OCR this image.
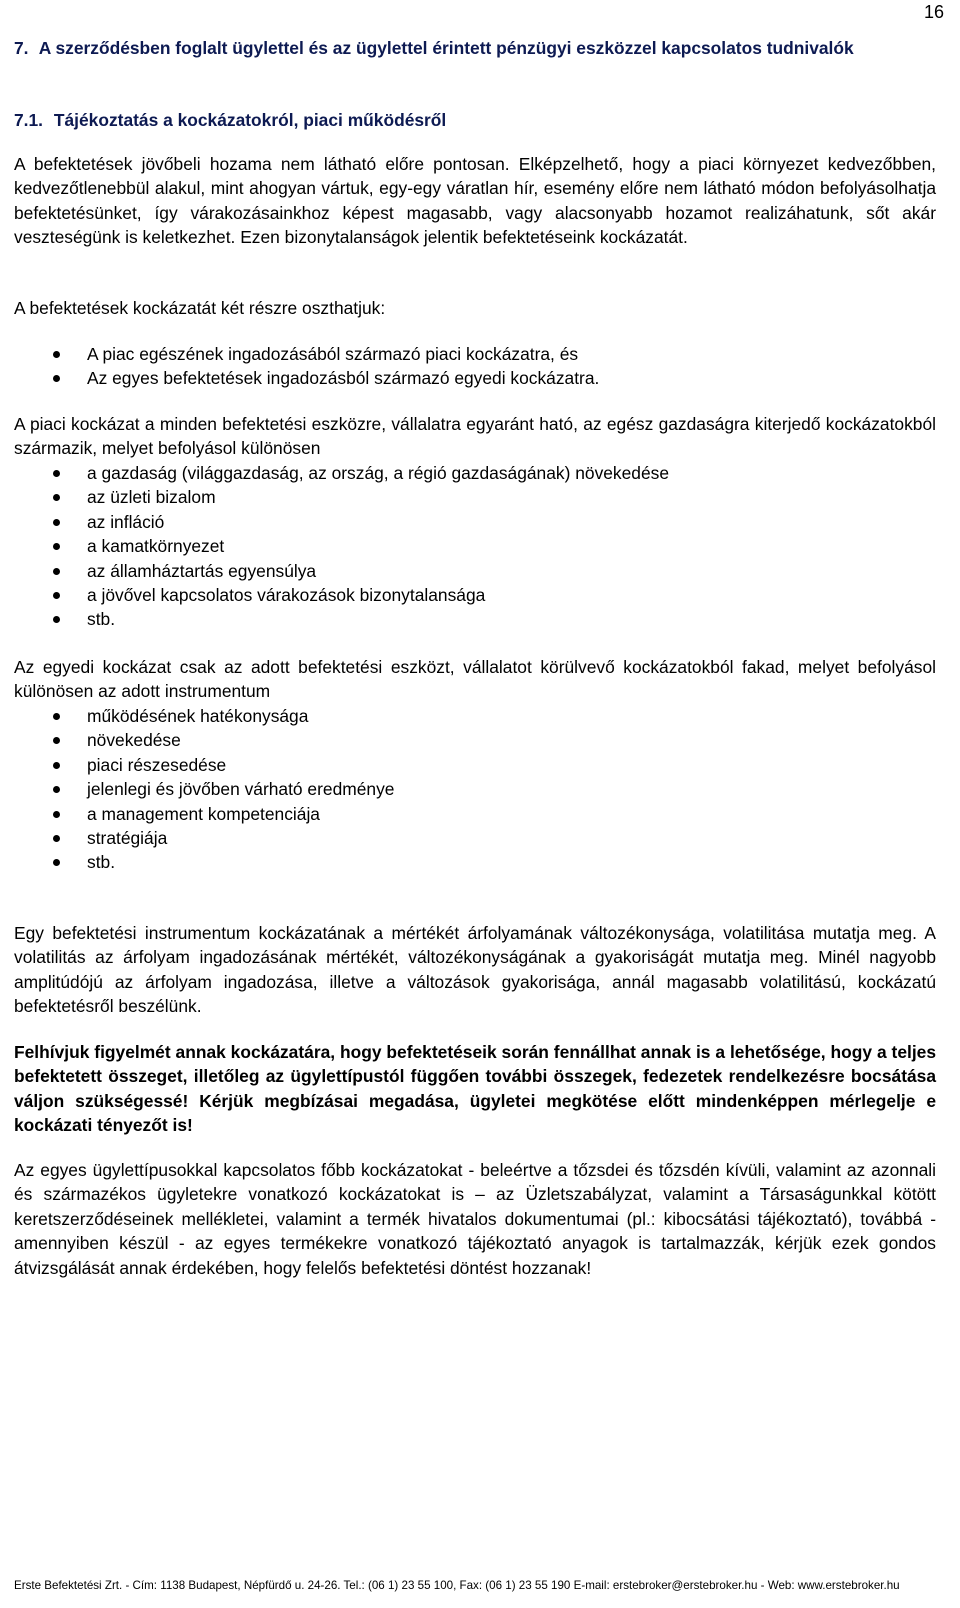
16
7. A szerződésben foglalt ügylettel és az ügylettel érintett pénzügyi eszközzel kapcsolatos tudnivalók
7.1. Tájékoztatás a kockázatokról, piaci működésről

A befektetések jövőbeli hozama nem látható előre pontosan. Elképzelhető, hogy a piaci környezet kedvezőbben, kedvezőtlenebbül alakul, mint ahogyan vártuk, egy-egy váratlan hír, esemény előre nem látható módon befolyásolhatja befektetésünket, így várakozásainkhoz képest magasabb, vagy alacsonyabb hozamot realizáhatunk, sőt akár veszteségünk is keletkezhet. Ezen bizonytalanságok jelentik befektetéseink kockázatát.

A befektetések kockázatát két részre oszthatjuk:

A piac egészének ingadozásából származó piaci kockázatra, és
Az egyes befektetések ingadozásból származó egyedi kockázatra.

A piaci kockázat a minden befektetési eszközre, vállalatra egyaránt ható, az egész gazdaságra kiterjedő kockázatokból származik, melyet befolyásol különösen

a gazdaság (világgazdaság, az ország, a régió gazdaságának) növekedése
az üzleti bizalom
az infláció
a kamatkörnyezet
az államháztartás egyensúlya
a jövővel kapcsolatos várakozások bizonytalansága
stb.

Az egyedi kockázat csak az adott befektetési eszközt, vállalatot körülvevő kockázatokból fakad, melyet befolyásol különösen az adott instrumentum

működésének hatékonysága
növekedése
piaci részesedése
jelenlegi és jövőben várható eredménye
a management kompetenciája
stratégiája
stb.

Egy befektetési instrumentum kockázatának a mértékét árfolyamának változékonysága, volatilitása mutatja meg. A volatilitás az árfolyam ingadozásának mértékét, változékonyságának a gyakoriságát mutatja meg. Minél nagyobb amplitúdójú az árfolyam ingadozása, illetve a változások gyakorisága, annál magasabb volatilitású, kockázatú befektetésről beszélünk.

Felhívjuk figyelmét annak kockázatára, hogy befektetéseik során fennállhat annak is a lehetősége, hogy a teljes befektetett összeget, illetőleg az ügylettípustól függően további összegek, fedezetek rendelkezésre bocsátása váljon szükségessé! Kérjük megbízásai megadása, ügyletei megkötése előtt mindenképpen mérlegelje e kockázati tényezőt is!

Az egyes ügylettípusokkal kapcsolatos főbb kockázatokat - beleértve a tőzsdei és tőzsdén kívüli, valamint az azonnali és származékos ügyletekre vonatkozó kockázatokat is – az Üzletszabályzat, valamint a Társaságunkkal kötött keretszerződéseinek mellékletei, valamint a termék hivatalos dokumentumai (pl.: kibocsátási tájékoztató), továbbá - amennyiben készül - az egyes termékekre vonatkozó tájékoztató anyagok is tartalmazzák, kérjük ezek gondos átvizsgálását annak érdekében, hogy felelős befektetési döntést hozzanak!

Erste Befektetési Zrt. - Cím: 1138 Budapest, Népfürdő u. 24-26. Tel.: (06 1) 23 55 100, Fax: (06 1) 23 55 190 E-mail: erstebroker@erstebroker.hu - Web: www.erstebroker.hu
